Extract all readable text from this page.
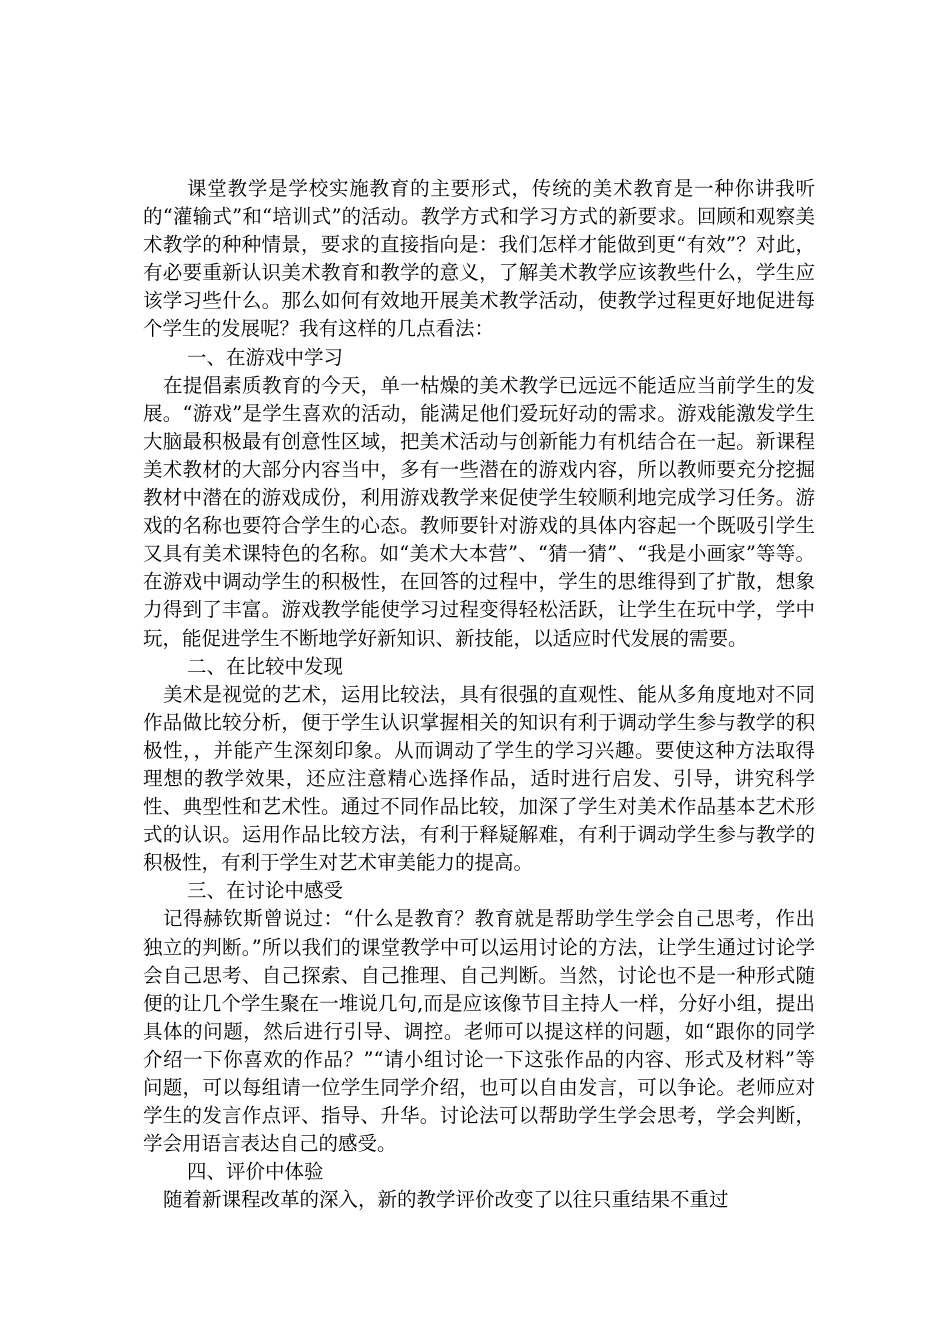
课堂教学是学校实施教育的主要形式，传统的美术教育是一种你讲我听的“灌输式”和“培训式”的活动。教学方式和学习方式的新要求。回顾和观察美术教学的种种情景，要求的直接指向是：我们怎样才能做到更“有效”？对此，有必要重新认识美术教育和教学的意义，了解美术教学应该教些什么，学生应该学习些什么。那么如何有效地开展美术教学活动，使教学过程更好地促进每个学生的发展呢？我有这样的几点看法：

一、在游戏中学习

在提倡素质教育的今天，单一枯燥的美术教学已远远不能适应当前学生的发展。“游戏”是学生喜欢的活动，能满足他们爱玩好动的需求。游戏能激发学生大脑最积极最有创意性区域，把美术活动与创新能力有机结合在一起。新课程美术教材的大部分内容当中，多有一些潜在的游戏内容，所以教师要充分挖掘教材中潜在的游戏成份，利用游戏教学来促使学生较顺利地完成学习任务。游戏的名称也要符合学生的心态。教师要针对游戏的具体内容起一个既吸引学生又具有美术课特色的名称。如“美术大本营”、“猜一猜”、“我是小画家”等等。在游戏中调动学生的积极性，在回答的过程中，学生的思维得到了扩散，想象力得到了丰富。游戏教学能使学习过程变得轻松活跃，让学生在玩中学，学中玩，能促进学生不断地学好新知识、新技能，以适应时代发展的需要。

二、在比较中发现

美术是视觉的艺术，运用比较法，具有很强的直观性、能从多角度地对不同作品做比较分析，便于学生认识掌握相关的知识有利于调动学生参与教学的积极性，，并能产生深刻印象。从而调动了学生的学习兴趣。要使这种方法取得理想的教学效果，还应注意精心选择作品，适时进行启发、引导，讲究科学性、典型性和艺术性。通过不同作品比较，加深了学生对美术作品基本艺术形式的认识。运用作品比较方法，有利于释疑解难，有利于调动学生参与教学的积极性，有利于学生对艺术审美能力的提高。

三、在讨论中感受

记得赫钦斯曾说过：“什么是教育？教育就是帮助学生学会自己思考，作出独立的判断。”所以我们的课堂教学中可以运用讨论的方法，让学生通过讨论学会自己思考、自己探索、自己推理、自己判断。当然，讨论也不是一种形式随便的让几个学生聚在一堆说几句,而是应该像节目主持人一样，分好小组，提出具体的问题，然后进行引导、调控。老师可以提这样的问题，如“跟你的同学介绍一下你喜欢的作品？”“请小组讨论一下这张作品的内容、形式及材料”等问题，可以每组请一位学生同学介绍，也可以自由发言，可以争论。老师应对学生的发言作点评、指导、升华。讨论法可以帮助学生学会思考，学会判断，学会用语言表达自己的感受。

四、评价中体验

随着新课程改革的深入，新的教学评价改变了以往只重结果不重过
